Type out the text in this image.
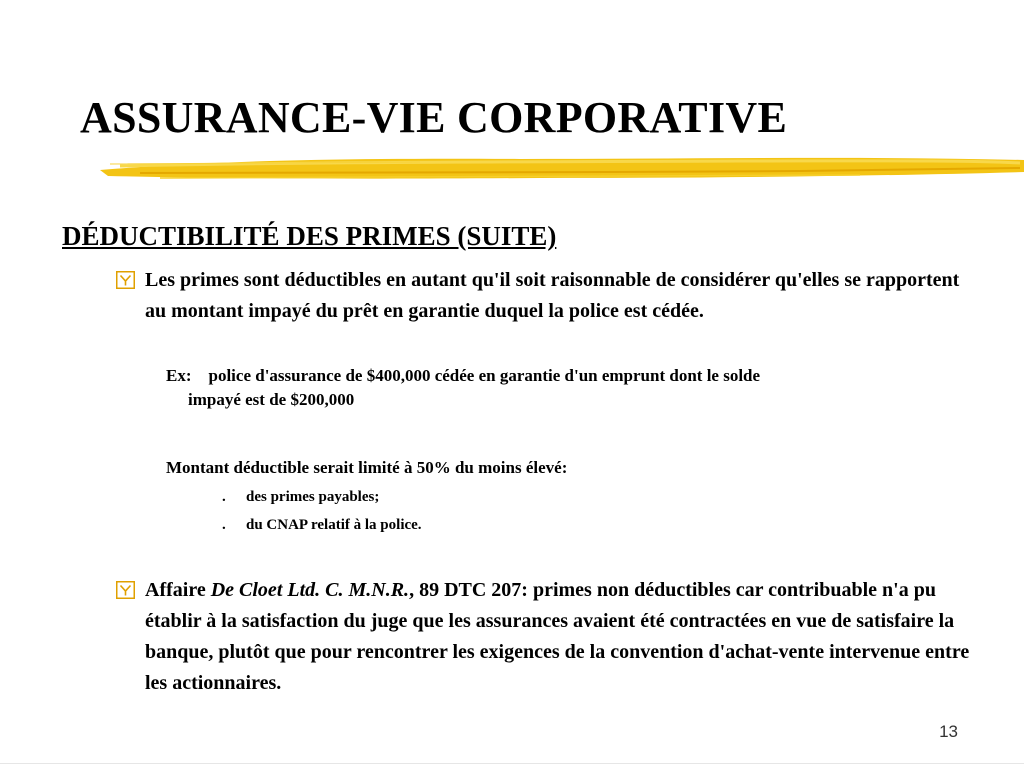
ASSURANCE-VIE CORPORATIVE
DÉDUCTIBILITÉ DES PRIMES (SUITE)
Les primes sont déductibles en autant qu'il soit raisonnable de considérer qu'elles se rapportent au montant impayé du prêt en garantie duquel la police est cédée.
Ex: police d'assurance de $400,000 cédée en garantie d'un emprunt dont le solde
impayé est de $200,000
Montant déductible serait limité à 50% du moins élevé:
. des primes payables;
. du CNAP relatif à la police.
Affaire De Cloet Ltd. C. M.N.R., 89 DTC 207: primes non déductibles car contribuable n'a pu établir à la satisfaction du juge que les assurances avaient été contractées en vue de satisfaire la banque, plutôt que pour rencontrer les exigences de la convention d'achat-vente intervenue entre les actionnaires.
13
